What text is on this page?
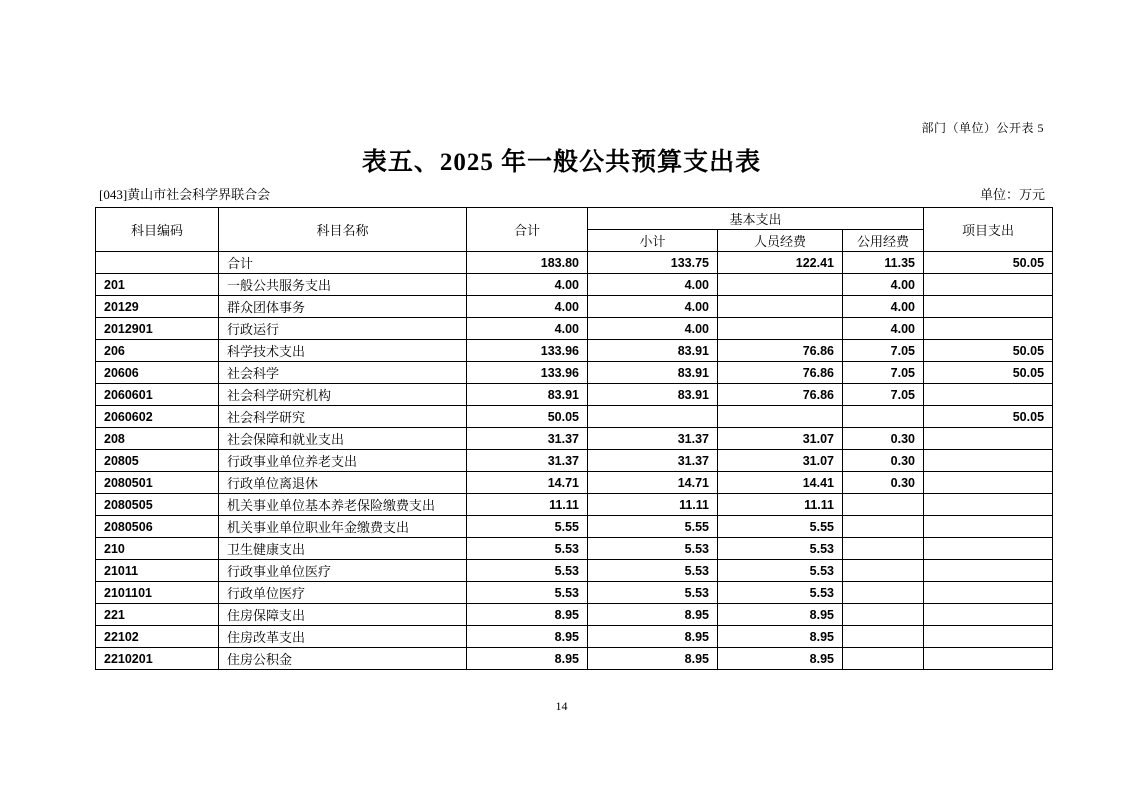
部门（单位）公开表 5
表五、2025 年一般公共预算支出表
[043]黄山市社会科学界联合会	单位：万元
科目编码	科目名称	合计	基本支出			项目支出
			小计	人员经费	公用经费	
	合计	183.80	133.75	122.41	11.35	50.05
201	一般公共服务支出	4.00	4.00		4.00	
20129	群众团体事务	4.00	4.00		4.00	
2012901	行政运行	4.00	4.00		4.00	
206	科学技术支出	133.96	83.91	76.86	7.05	50.05
20606	社会科学	133.96	83.91	76.86	7.05	50.05
2060601	社会科学研究机构	83.91	83.91	76.86	7.05	
2060602	社会科学研究	50.05				50.05
208	社会保障和就业支出	31.37	31.37	31.07	0.30	
20805	行政事业单位养老支出	31.37	31.37	31.07	0.30	
2080501	行政单位离退休	14.71	14.71	14.41	0.30	
2080505	机关事业单位基本养老保险缴费支出	11.11	11.11	11.11		
2080506	机关事业单位职业年金缴费支出	5.55	5.55	5.55		
210	卫生健康支出	5.53	5.53	5.53		
21011	行政事业单位医疗	5.53	5.53	5.53		
2101101	行政单位医疗	5.53	5.53	5.53		
221	住房保障支出	8.95	8.95	8.95		
22102	住房改革支出	8.95	8.95	8.95		
2210201	住房公积金	8.95	8.95	8.95		
14
